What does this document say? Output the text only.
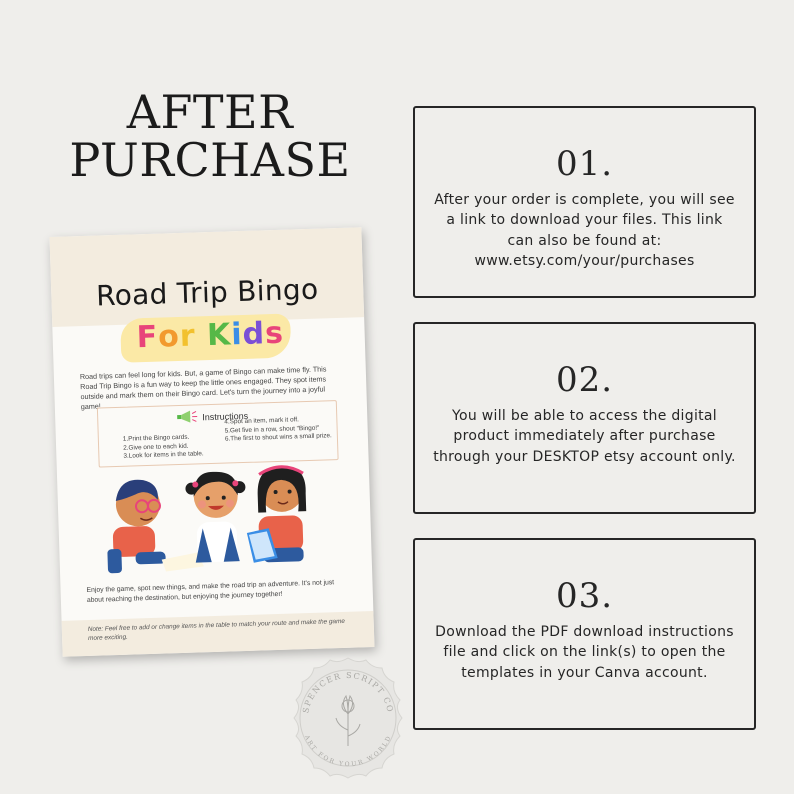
AFTER
PURCHASE
Road Trip Bingo
For Kids
Road trips can feel long for kids. But, a game of Bingo can make time fly. This Road Trip Bingo is a fun way to keep the little ones engaged. They spot items outside and mark them on their Bingo card. Let's turn the journey into a joyful game!
Instructions
1.Print the Bingo cards.
2.Give one to each kid.
3.Look for items in the table.
4.Spot an item, mark it off.
5.Get five in a row, shout "Bingo!"
6.The first to shout wins a small prize.
Enjoy the game, spot new things, and make the road trip an adventure. It's not just about reaching the destination, but enjoying the journey together!
Note: Feel free to add or change items in the table to match your route and make the game more exciting.
01.
After your order is complete, you will see a link to download your files. This link can also be found at: www.etsy.com/your/purchases
02.
You will be able to access the digital product immediately after purchase through your DESKTOP etsy account only.
03.
Download the PDF download instructions file and click on the link(s) to open the templates in your Canva account.
SPENCER SCRIPT CO
ART FOR YOUR WORLD
